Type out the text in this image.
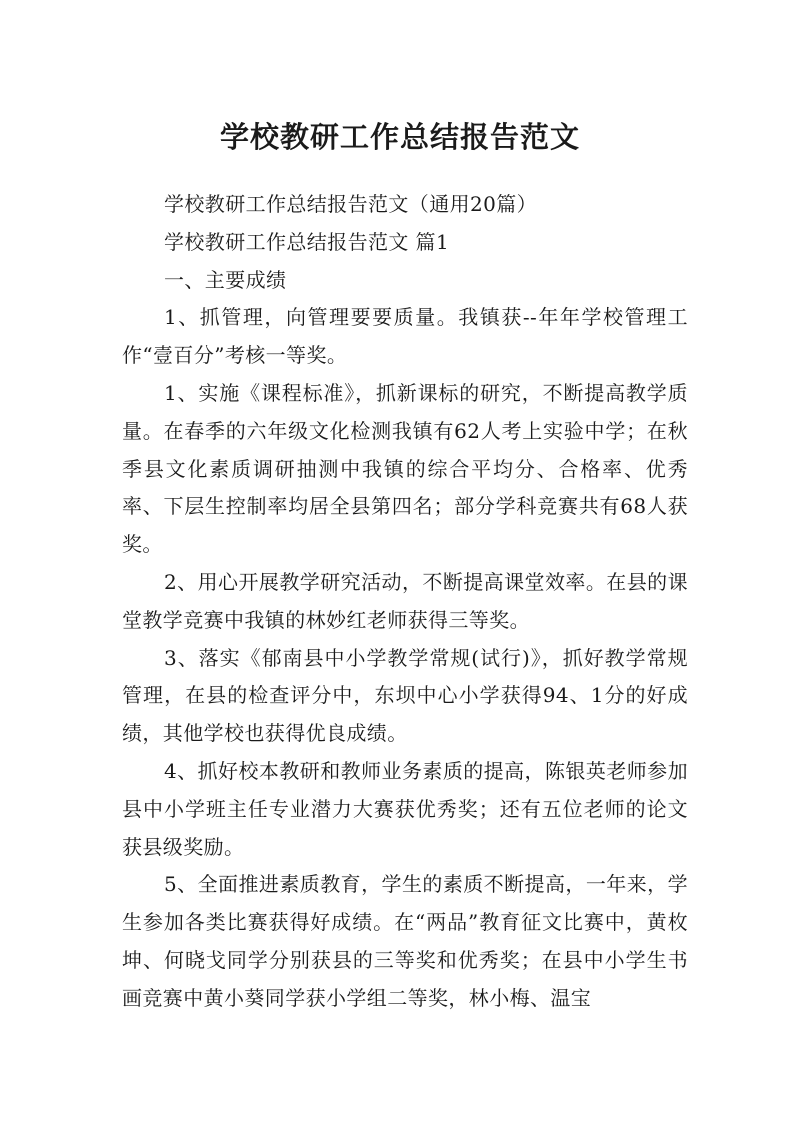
学校教研工作总结报告范文

学校教研工作总结报告范文（通用20篇）

学校教研工作总结报告范文 篇1

一、主要成绩

1、抓管理，向管理要要质量。我镇获--年年学校管理工作“壹百分”考核一等奖。

1、实施《课程标准》，抓新课标的研究，不断提高教学质量。在春季的六年级文化检测我镇有62人考上实验中学；在秋季县文化素质调研抽测中我镇的综合平均分、合格率、优秀率、下层生控制率均居全县第四名；部分学科竞赛共有68人获奖。

2、用心开展教学研究活动，不断提高课堂效率。在县的课堂教学竞赛中我镇的林妙红老师获得三等奖。

3、落实《郁南县中小学教学常规(试行)》，抓好教学常规管理，在县的检查评分中，东坝中心小学获得94、1分的好成绩，其他学校也获得优良成绩。

4、抓好校本教研和教师业务素质的提高，陈银英老师参加县中小学班主任专业潜力大赛获优秀奖；还有五位老师的论文获县级奖励。

5、全面推进素质教育，学生的素质不断提高，一年来，学生参加各类比赛获得好成绩。在“两品”教育征文比赛中，黄枚坤、何晓戈同学分别获县的三等奖和优秀奖；在县中小学生书画竞赛中黄小葵同学获小学组二等奖，林小梅、温宝
